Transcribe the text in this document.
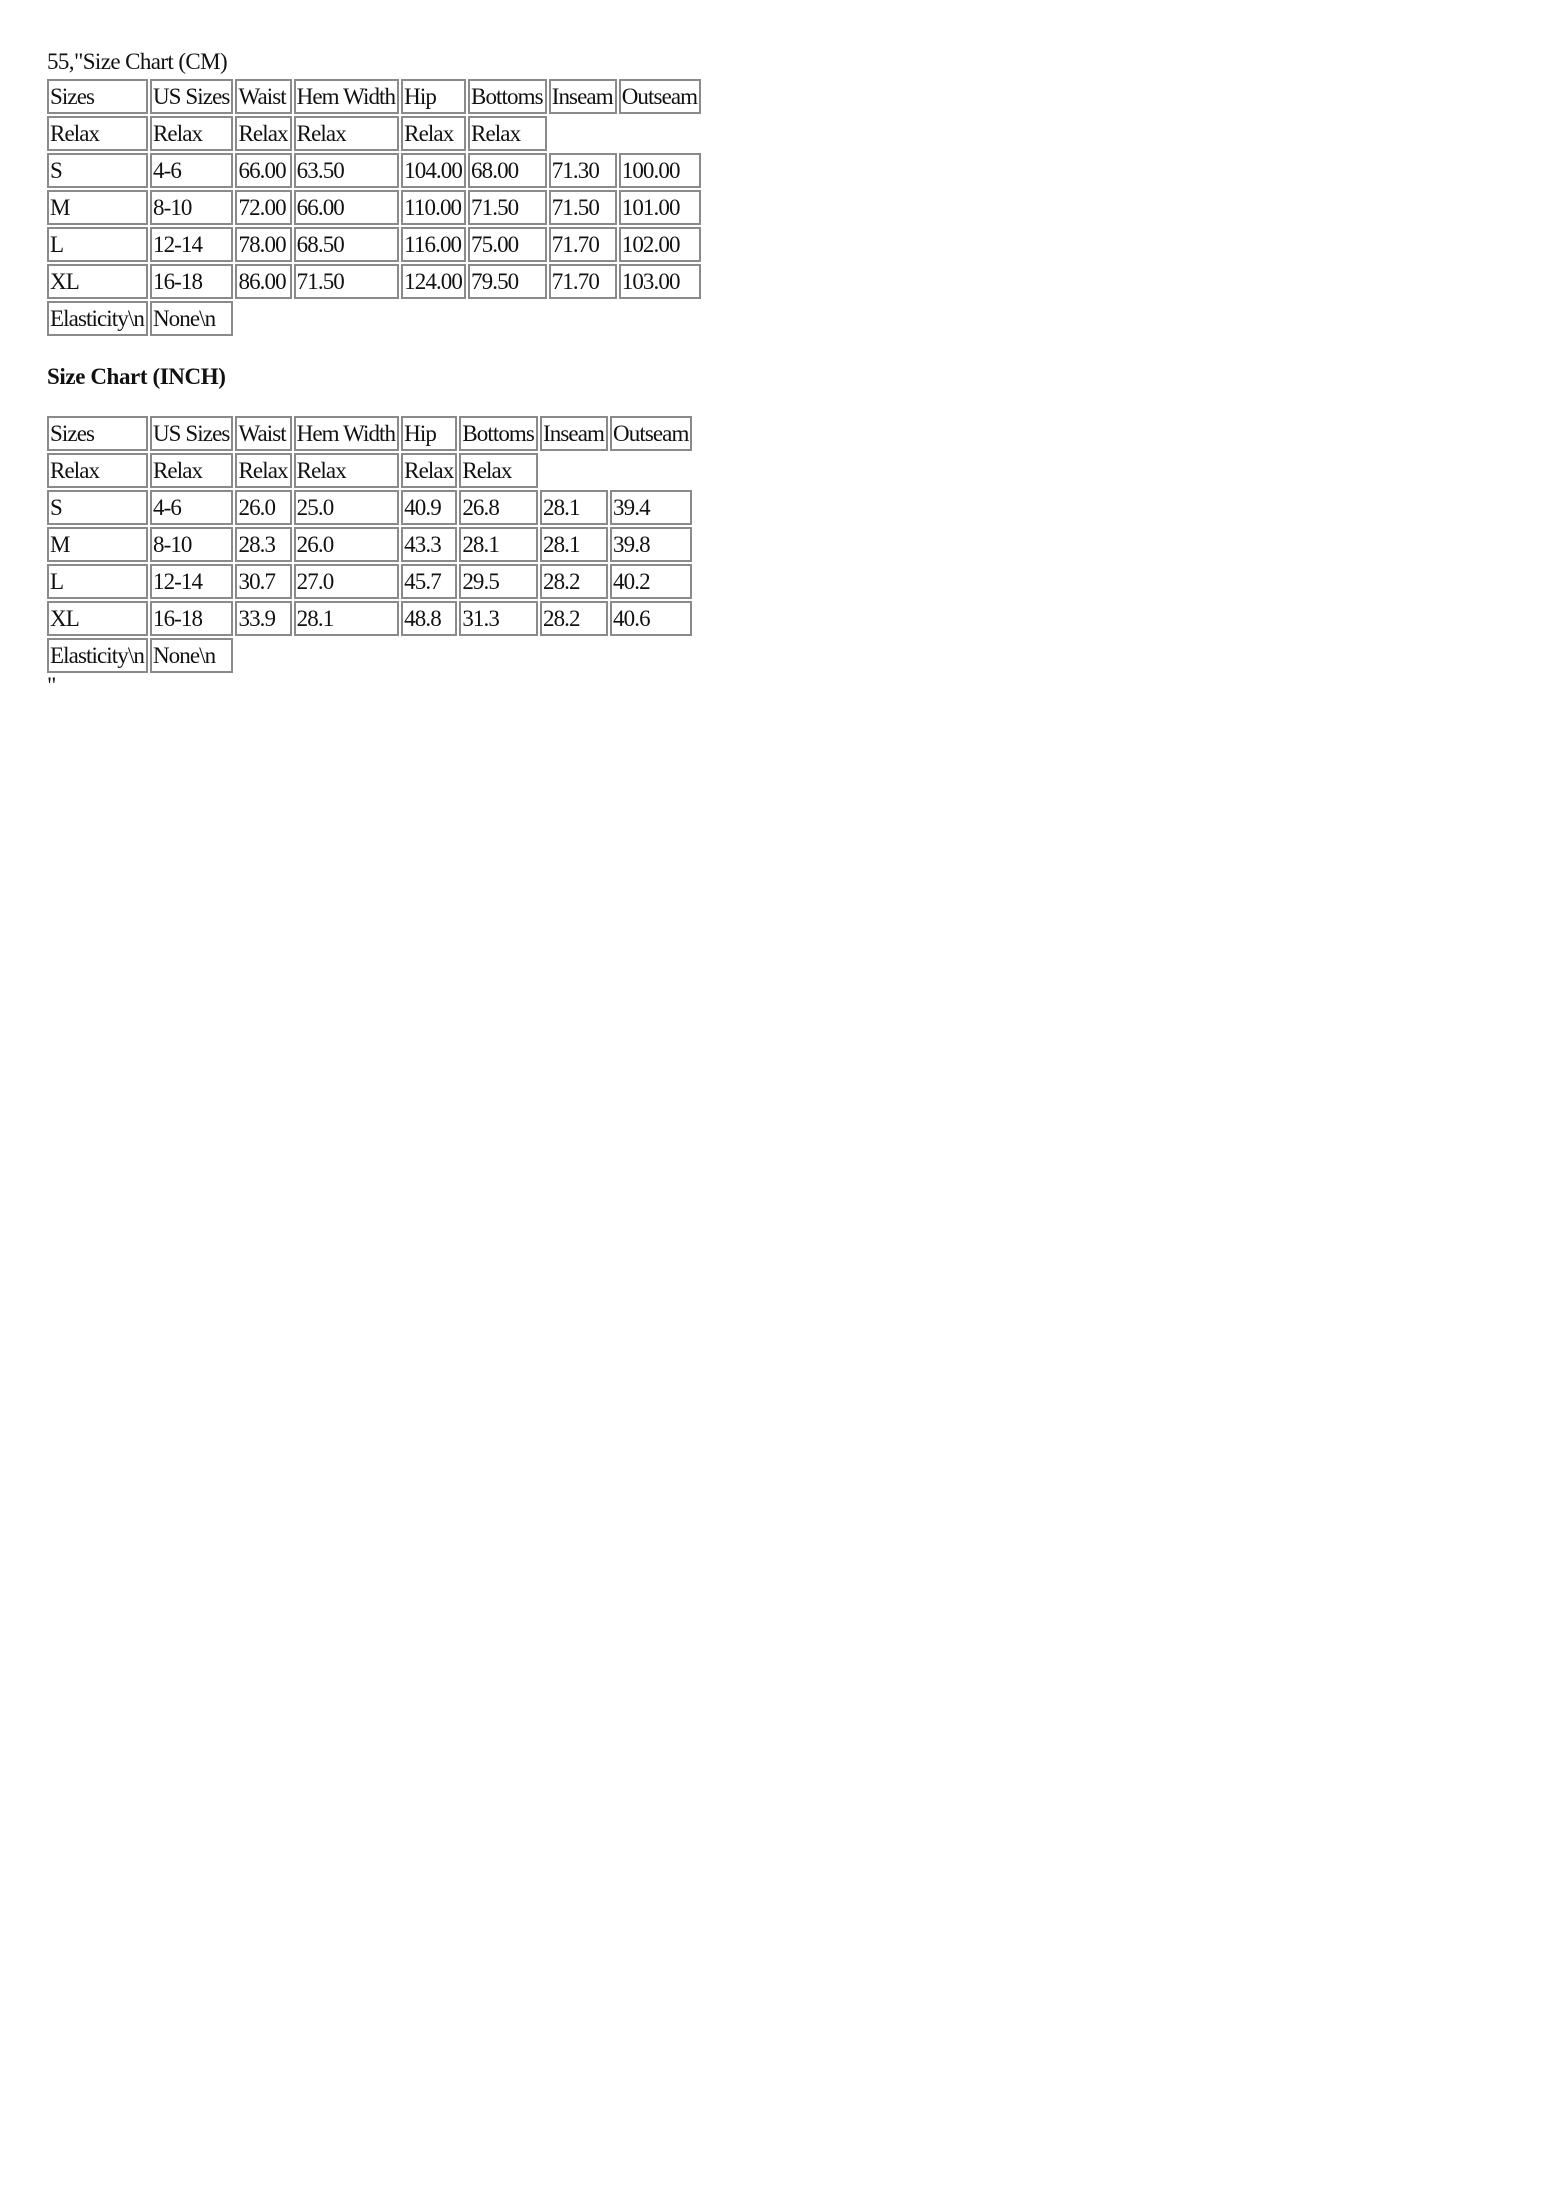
55,"Size Chart (CM)
Sizes	US Sizes	Waist	Hem Width	Hip	Bottoms	Inseam	Outseam
Relax	Relax	Relax	Relax	Relax	Relax		
S	4-6	66.00	63.50	104.00	68.00	71.30	100.00
M	8-10	72.00	66.00	110.00	71.50	71.50	101.00
L	12-14	78.00	68.50	116.00	75.00	71.70	102.00
XL	16-18	86.00	71.50	124.00	79.50	71.70	103.00
Elasticity\n	None\n						
Size Chart (INCH)
Sizes	US Sizes	Waist	Hem Width	Hip	Bottoms	Inseam	Outseam
Relax	Relax	Relax	Relax	Relax	Relax		
S	4-6	26.0	25.0	40.9	26.8	28.1	39.4
M	8-10	28.3	26.0	43.3	28.1	28.1	39.8
L	12-14	30.7	27.0	45.7	29.5	28.2	40.2
XL	16-18	33.9	28.1	48.8	31.3	28.2	40.6
Elasticity\n	None\n						
"
